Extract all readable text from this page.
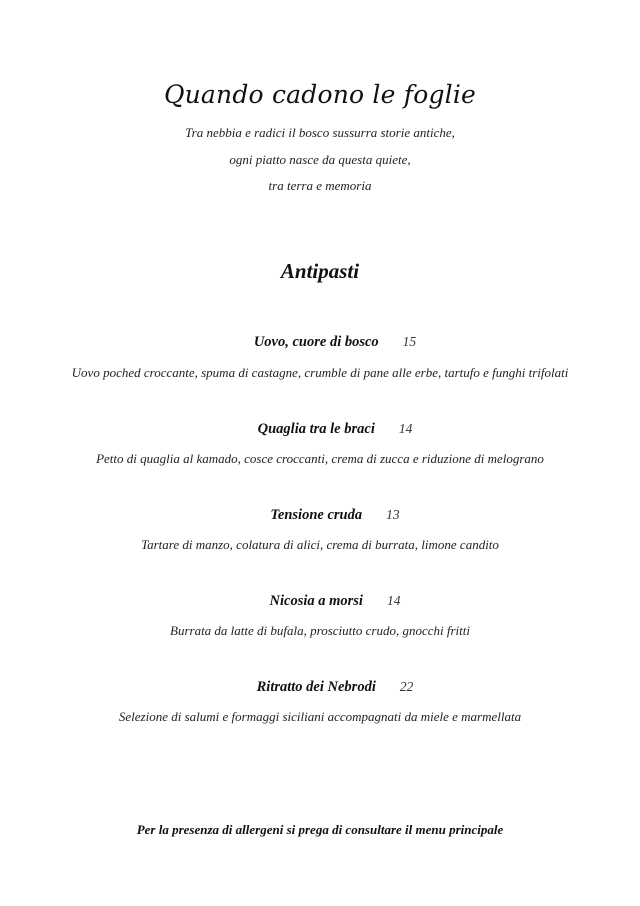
Quando cadono le foglie
Tra nebbia e radici il bosco sussurra storie antiche,
ogni piatto nasce da questa quiete,
tra terra e memoria
Antipasti
Uovo, cuore di bosco 15
Uovo poched croccante, spuma di castagne, crumble di pane alle erbe, tartufo e funghi trifolati
Quaglia tra le braci 14
Petto di quaglia al kamado, cosce croccanti, crema di zucca e riduzione di melograno
Tensione cruda 13
Tartare di manzo, colatura di alici, crema di burrata, limone candito
Nicosia a morsi 14
Burrata da latte di bufala, prosciutto crudo, gnocchi fritti
Ritratto dei Nebrodi 22
Selezione di salumi e formaggi siciliani accompagnati da miele e marmellata
Per la presenza di allergeni si prega di consultare il menu principale
